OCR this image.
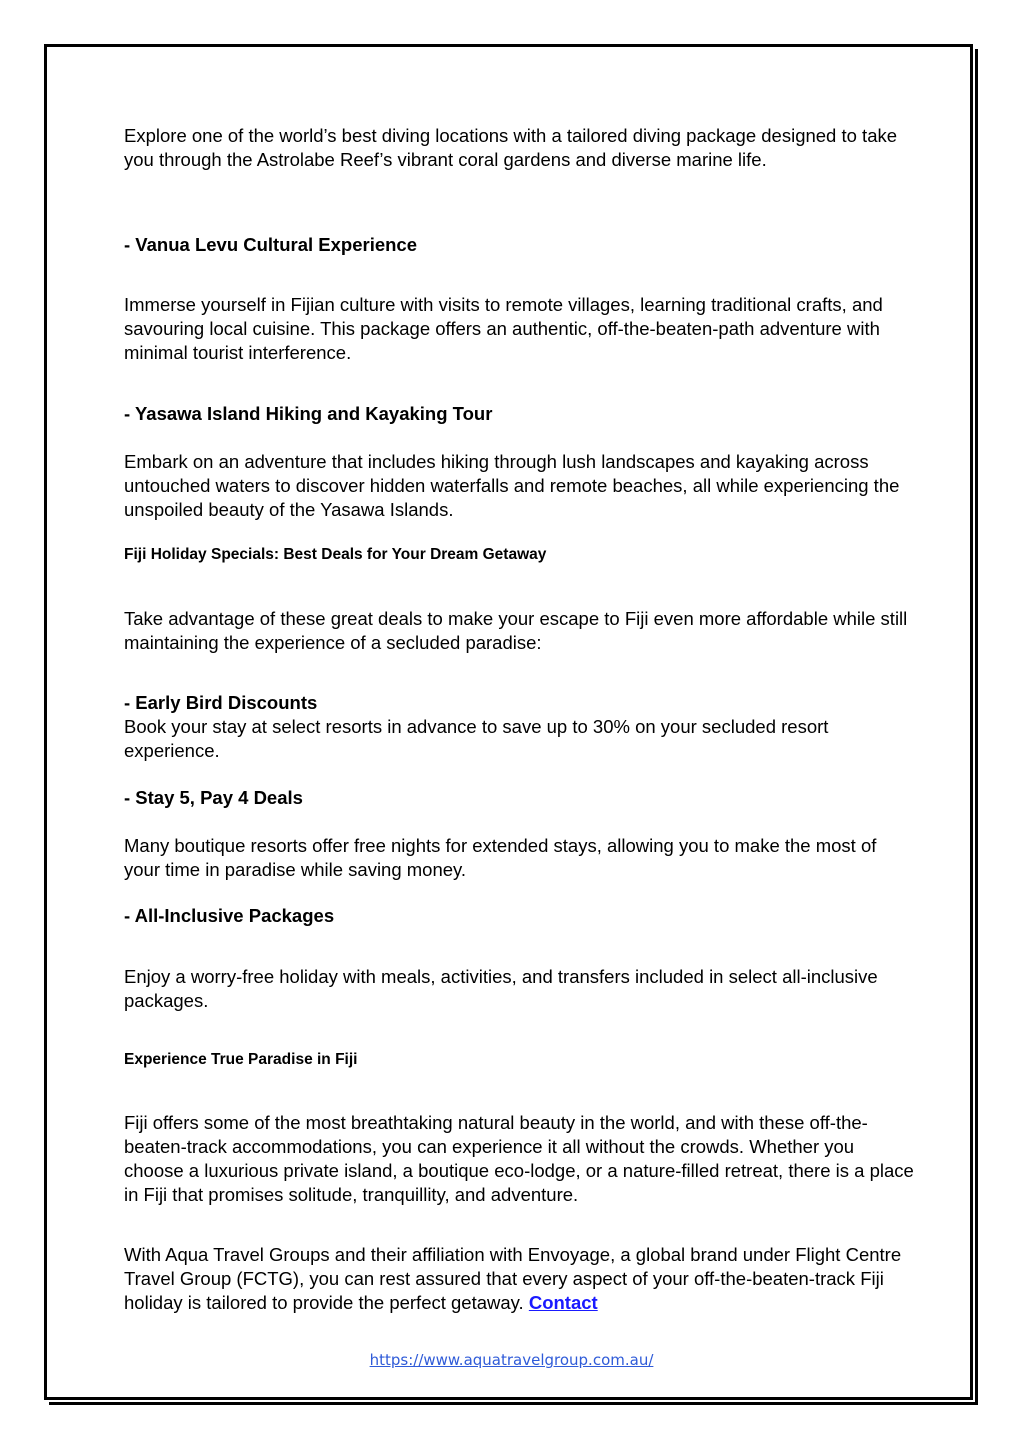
Explore one of the world’s best diving locations with a tailored diving package designed to take you through the Astrolabe Reef’s vibrant coral gardens and diverse marine life.

- Vanua Levu Cultural Experience

Immerse yourself in Fijian culture with visits to remote villages, learning traditional crafts, and savouring local cuisine. This package offers an authentic, off-the-beaten-path adventure with minimal tourist interference.

- Yasawa Island Hiking and Kayaking Tour

Embark on an adventure that includes hiking through lush landscapes and kayaking across untouched waters to discover hidden waterfalls and remote beaches, all while experiencing the unspoiled beauty of the Yasawa Islands.

Fiji Holiday Specials: Best Deals for Your Dream Getaway

Take advantage of these great deals to make your escape to Fiji even more affordable while still maintaining the experience of a secluded paradise:

- Early Bird Discounts

Book your stay at select resorts in advance to save up to 30% on your secluded resort experience.

- Stay 5, Pay 4 Deals

Many boutique resorts offer free nights for extended stays, allowing you to make the most of your time in paradise while saving money.

- All-Inclusive Packages

Enjoy a worry-free holiday with meals, activities, and transfers included in select all-inclusive packages.

Experience True Paradise in Fiji

Fiji offers some of the most breathtaking natural beauty in the world, and with these off-the-beaten-track accommodations, you can experience it all without the crowds. Whether you choose a luxurious private island, a boutique eco-lodge, or a nature-filled retreat, there is a place in Fiji that promises solitude, tranquillity, and adventure.

With Aqua Travel Groups and their affiliation with Envoyage, a global brand under Flight Centre Travel Group (FCTG), you can rest assured that every aspect of your off-the-beaten-track Fiji holiday is tailored to provide the perfect getaway. Contact

https://www.aquatravelgroup.com.au/
